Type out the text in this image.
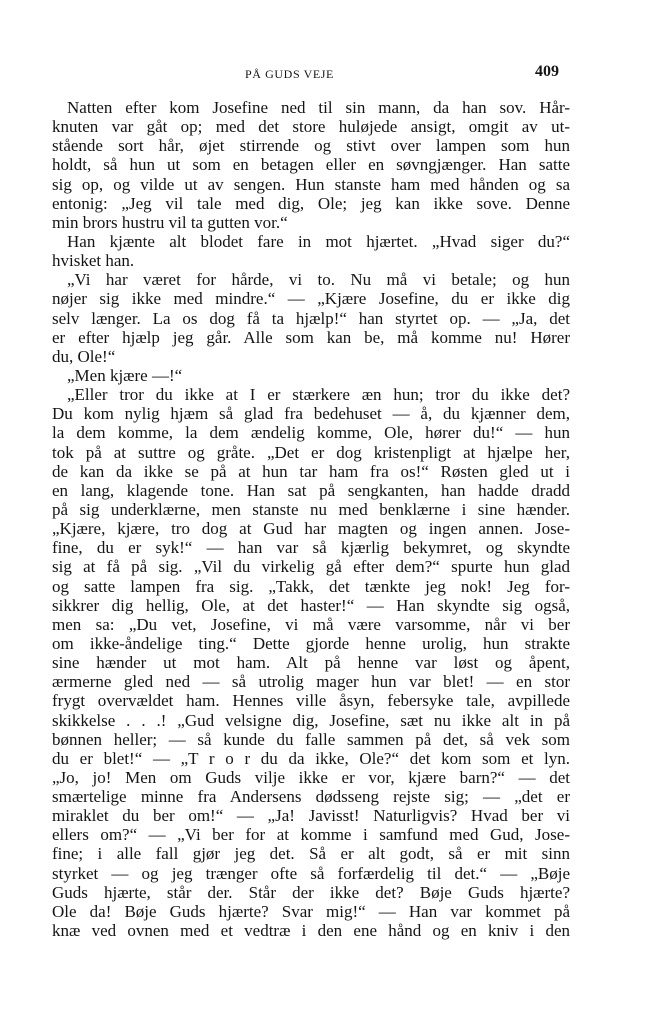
PÅ GUDS VEJE	409
Natten efter kom Josefine ned til sin mann, da han sov. Hår-
knuten var gåt op; med det store huløjede ansigt, omgit av ut-
stående sort hår, øjet stirrende og stivt over lampen som hun
holdt, så hun ut som en betagen eller en søvngjænger. Han satte
sig op, og vilde ut av sengen. Hun stanste ham med hånden og sa
entonig: „Jeg vil tale med dig, Ole; jeg kan ikke sove. Denne
min brors hustru vil ta gutten vor.“
Han kjænte alt blodet fare in mot hjærtet. „Hvad siger du?“
hvisket han.
„Vi har været for hårde, vi to. Nu må vi betale; og hun
nøjer sig ikke med mindre.“ — „Kjære Josefine, du er ikke dig
selv længer. La os dog få ta hjælp!“ han styrtet op. — „Ja, det
er efter hjælp jeg går. Alle som kan be, må komme nu! Hører
du, Ole!“
„Men kjære —!“
„Eller tror du ikke at I er stærkere æn hun; tror du ikke det?
Du kom nylig hjæm så glad fra bedehuset — å, du kjænner dem,
la dem komme, la dem ændelig komme, Ole, hører du!“ — hun
tok på at suttre og gråte. „Det er dog kristenpligt at hjælpe her,
de kan da ikke se på at hun tar ham fra os!“ Røsten gled ut i
en lang, klagende tone. Han sat på sengkanten, han hadde dradd
på sig underklærne, men stanste nu med benklærne i sine hænder.
„Kjære, kjære, tro dog at Gud har magten og ingen annen. Jose-
fine, du er syk!“ — han var så kjærlig bekymret, og skyndte
sig at få på sig. „Vil du virkelig gå efter dem?“ spurte hun glad
og satte lampen fra sig. „Takk, det tænkte jeg nok! Jeg for-
sikkrer dig hellig, Ole, at det haster!“ — Han skyndte sig også,
men sa: „Du vet, Josefine, vi må være varsomme, når vi ber
om ikke-åndelige ting.“ Dette gjorde henne urolig, hun strakte
sine hænder ut mot ham. Alt på henne var løst og åpent,
ærmerne gled ned — så utrolig mager hun var blet! — en stor
frygt overvældet ham. Hennes ville åsyn, febersyke tale, avpillede
skikkelse . . .! „Gud velsigne dig, Josefine, sæt nu ikke alt in på
bønnen heller; — så kunde du falle sammen på det, så vek som
du er blet!“ — „T r o r du da ikke, Ole?“ det kom som et lyn.
„Jo, jo! Men om Guds vilje ikke er vor, kjære barn?“ — det
smærtelige minne fra Andersens dødsseng rejste sig; — „det er
miraklet du ber om!“ — „Ja! Javisst! Naturligvis? Hvad ber vi
ellers om?“ — „Vi ber for at komme i samfund med Gud, Jose-
fine; i alle fall gjør jeg det. Så er alt godt, så er mit sinn
styrket — og jeg trænger ofte så forfærdelig til det.“ — „Bøje
Guds hjærte, står der. Står der ikke det? Bøje Guds hjærte?
Ole da! Bøje Guds hjærte? Svar mig!“ — Han var kommet på
knæ ved ovnen med et vedtræ i den ene hånd og en kniv i den
